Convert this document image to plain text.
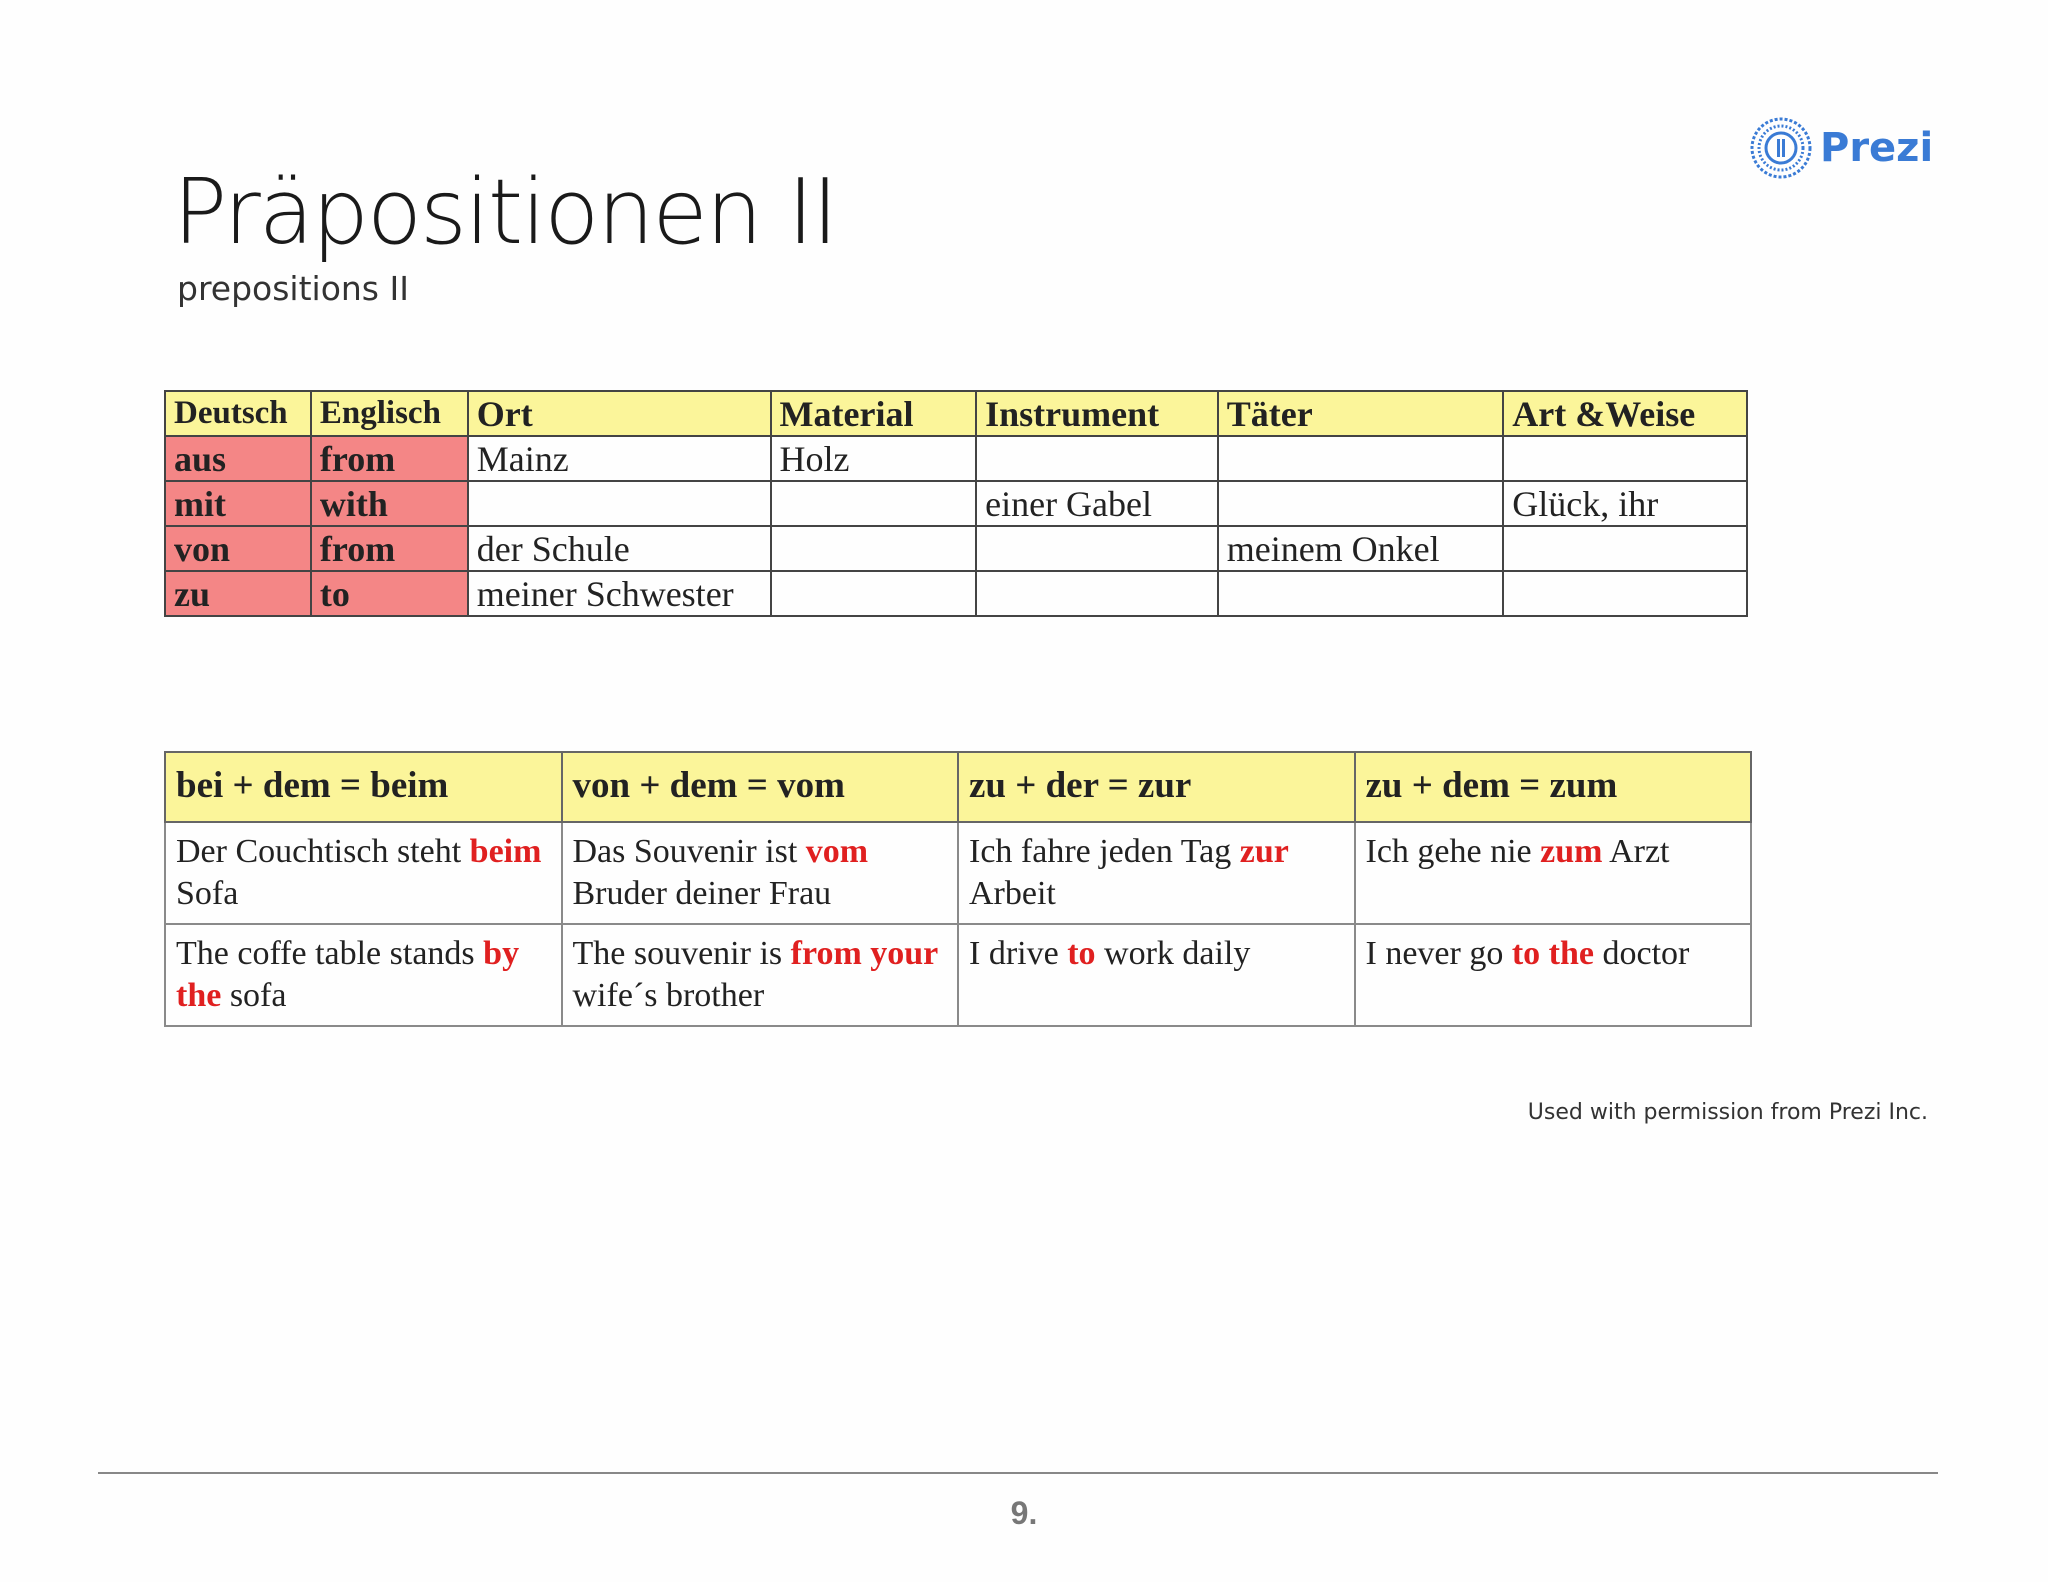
Präpositionen II
prepositions II
Prezi
Deutsch	Englisch	Ort	Material	Instrument	Täter	Art &Weise
aus	from	Mainz	Holz			
mit	with			einer Gabel		Glück, ihr
von	from	der Schule			meinem Onkel	
zu	to	meiner Schwester				
bei + dem = beim	von + dem = vom	zu + der = zur	zu + dem = zum
Der Couchtisch steht beim Sofa	Das Souvenir ist vom Bruder deiner Frau	Ich fahre jeden Tag zur Arbeit	Ich gehe nie zum Arzt
The coffe table stands by the sofa	The souvenir is from your wife´s brother	I drive to work daily	I never go to the doctor
Used with permission from Prezi Inc.
9.
